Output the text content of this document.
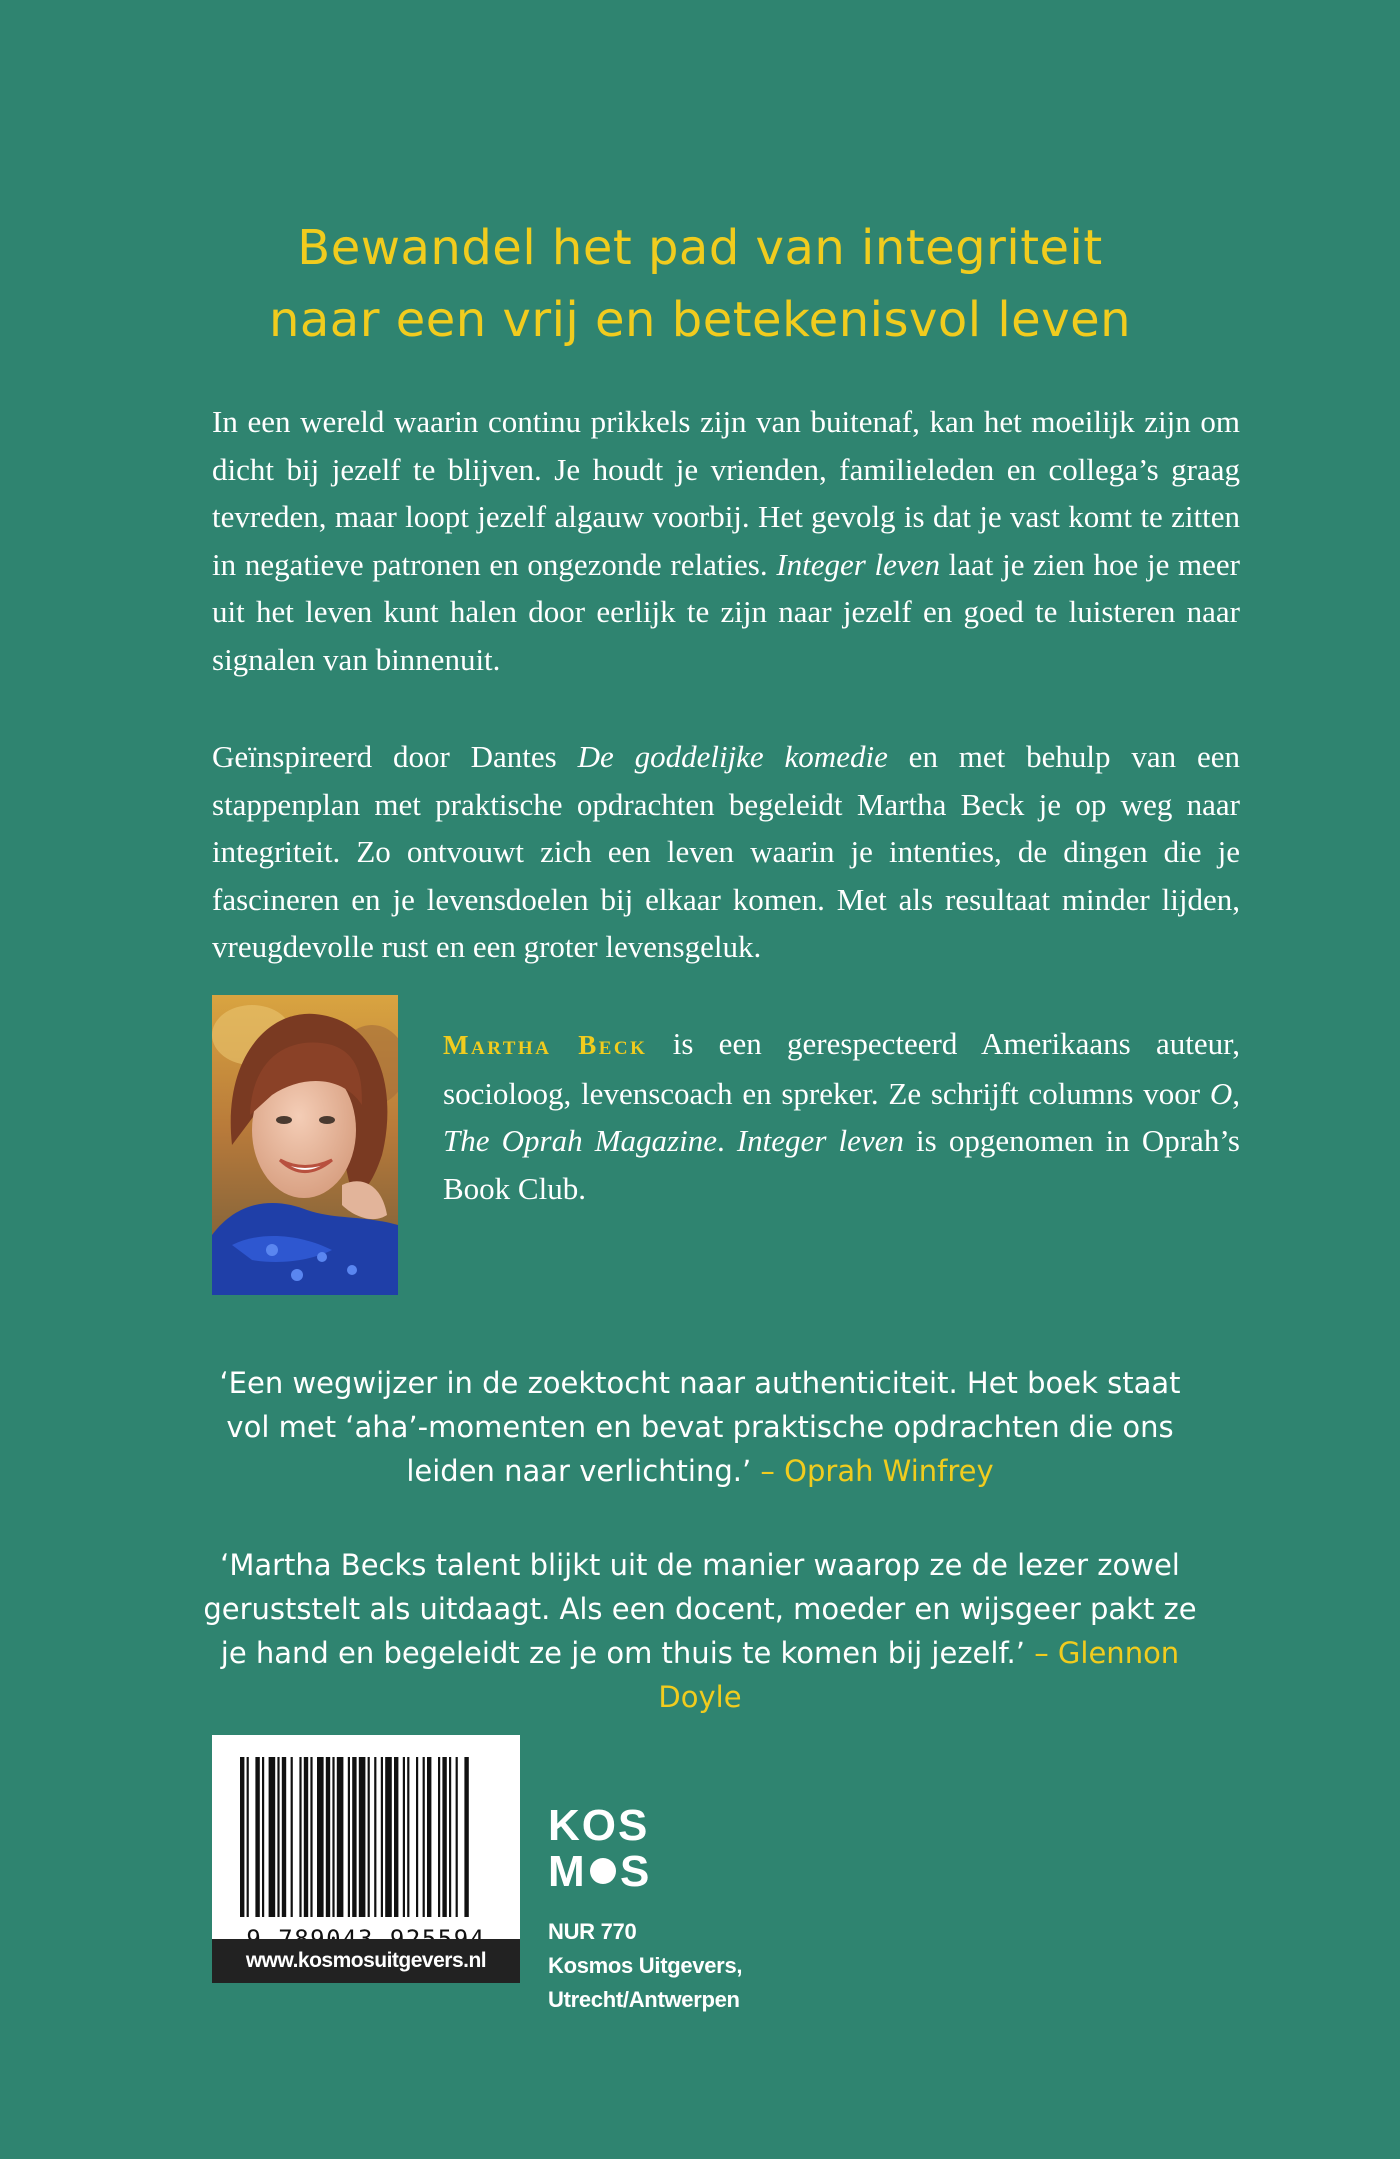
Bewandel het pad van integriteit
naar een vrij en betekenisvol leven
In een wereld waarin continu prikkels zijn van buitenaf, kan het moeilijk zijn om dicht bij jezelf te blijven. Je houdt je vrienden, familieleden en collega’s graag tevreden, maar loopt jezelf algauw voorbij. Het gevolg is dat je vast komt te zitten in negatieve patronen en ongezonde relaties. Integer leven laat je zien hoe je meer uit het leven kunt halen door eerlijk te zijn naar jezelf en goed te luisteren naar signalen van binnenuit.
Geïnspireerd door Dantes De goddelijke komedie en met behulp van een stappenplan met praktische opdrachten begeleidt Martha Beck je op weg naar integriteit. Zo ontvouwt zich een leven waarin je intenties, de dingen die je fascineren en je levensdoelen bij elkaar komen. Met als resultaat minder lijden, vreugdevolle rust en een groter levensgeluk.
Martha Beck is een gerespecteerd Amerikaans auteur, socioloog, levenscoach en spreker. Ze schrijft columns voor O, The Oprah Magazine. Integer leven is opgenomen in Oprah’s Book Club.
‘Een wegwijzer in de zoektocht naar authenticiteit. Het boek staat vol met ‘aha’-momenten en bevat praktische opdrachten die ons leiden naar verlichting.’ – Oprah Winfrey
‘Martha Becks talent blijkt uit de manier waarop ze de lezer zowel geruststelt als uitdaagt. Als een docent, moeder en wijsgeer pakt ze je hand en begeleidt ze je om thuis te komen bij jezelf.’ – Glennon Doyle
www.kosmosuitgevers.nl
KOS
M S
NUR 770
Kosmos Uitgevers,
Utrecht/Antwerpen
